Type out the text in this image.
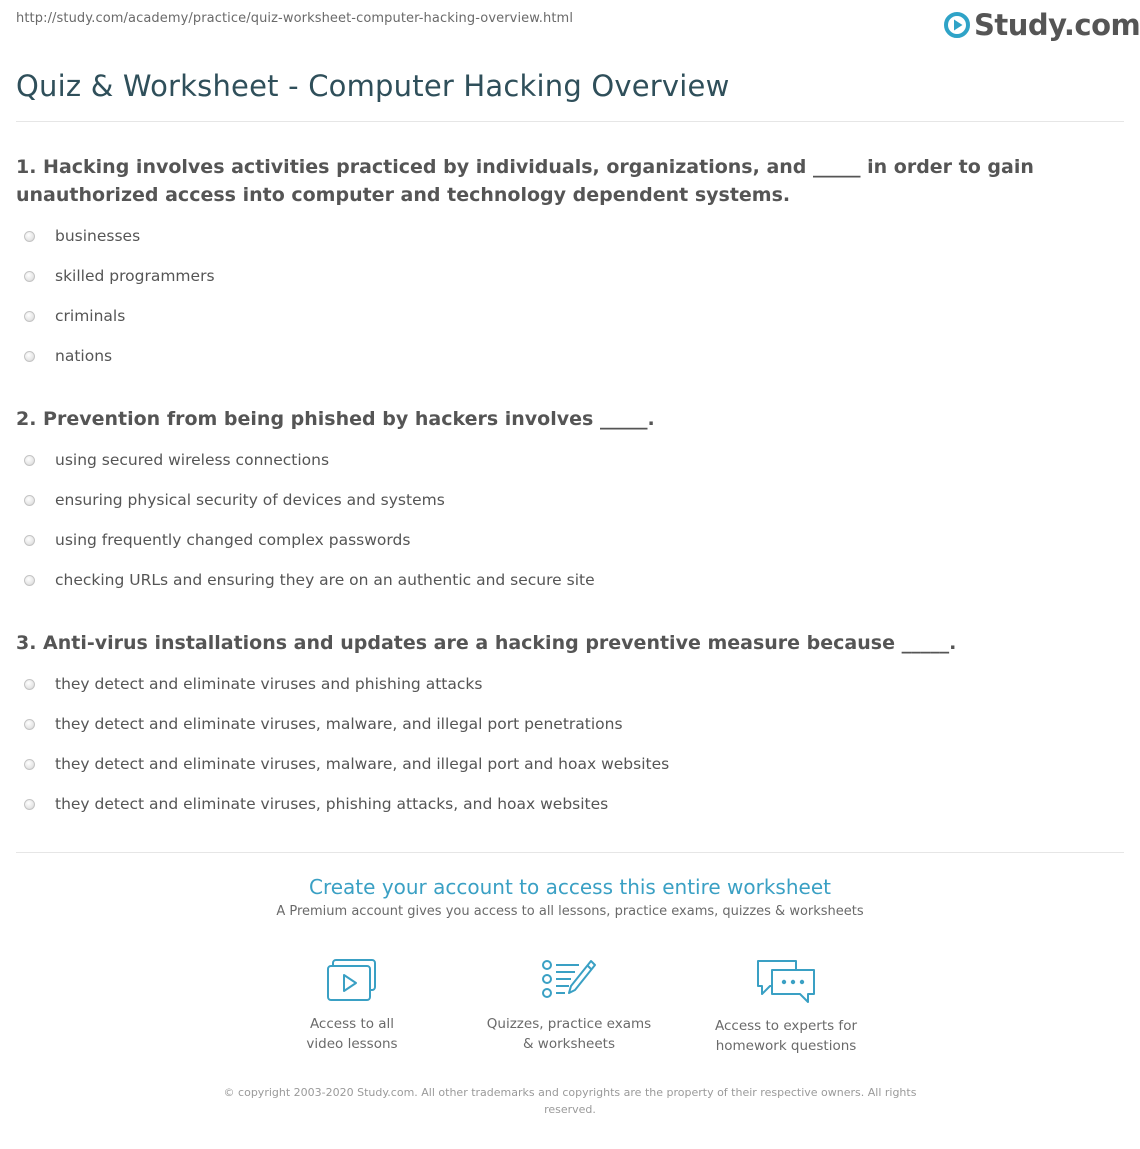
http://study.com/academy/practice/quiz-worksheet-computer-hacking-overview.html	Study.com
Quiz & Worksheet - Computer Hacking Overview

1. Hacking involves activities practiced by individuals, organizations, and _____ in order to gain unauthorized access into computer and technology dependent systems.

businesses
skilled programmers
criminals
nations

2. Prevention from being phished by hackers involves _____.

using secured wireless connections
ensuring physical security of devices and systems
using frequently changed complex passwords
checking URLs and ensuring they are on an authentic and secure site

3. Anti-virus installations and updates are a hacking preventive measure because _____.

they detect and eliminate viruses and phishing attacks
they detect and eliminate viruses, malware, and illegal port penetrations
they detect and eliminate viruses, malware, and illegal port and hoax websites
they detect and eliminate viruses, phishing attacks, and hoax websites

Create your account to access this entire worksheet

A Premium account gives you access to all lessons, practice exams, quizzes & worksheets

Access to all
video lessons
Quizzes, practice exams
& worksheets
Access to experts for
homework questions
© copyright 2003-2020 Study.com. All other trademarks and copyrights are the property of their respective owners. All rights reserved.
